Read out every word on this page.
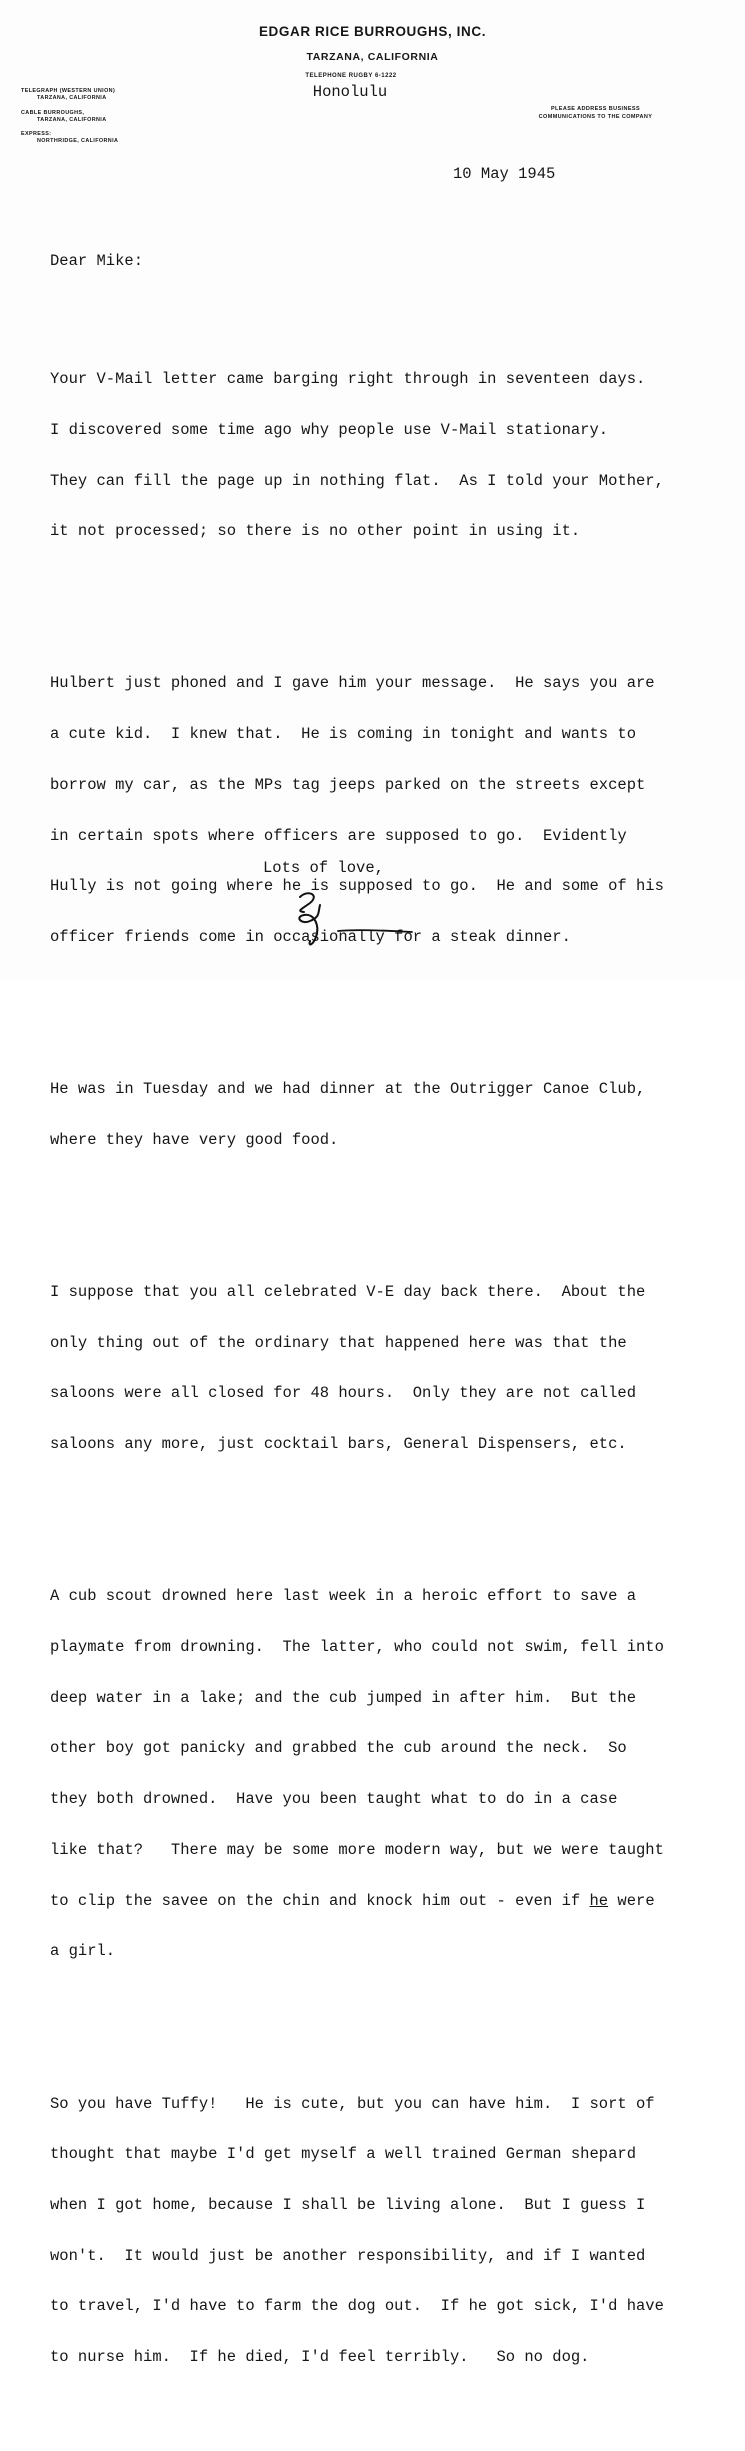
EDGAR RICE BURROUGHS, INC.
TARZANA, CALIFORNIA
TELEPHONE RUGBY 6-1222
Honolulu
TELEGRAPH (WESTERN UNION)
TARZANA, CALIFORNIA
CABLE BURROUGHS,
TARZANA, CALIFORNIA
EXPRESS:
NORTHRIDGE, CALIFORNIA
PLEASE ADDRESS BUSINESS
COMMUNICATIONS TO THE COMPANY
10 May 1945

Dear Mike:

Your V-Mail letter came barging right through in seventeen days.

I discovered some time ago why people use V-Mail stationary.

They can fill the page up in nothing flat.  As I told your Mother,

it not processed; so there is no other point in using it.

Hulbert just phoned and I gave him your message.  He says you are

a cute kid.  I knew that.  He is coming in tonight and wants to

borrow my car, as the MPs tag jeeps parked on the streets except

in certain spots where officers are supposed to go.  Evidently

Hully is not going where he is supposed to go.  He and some of his

officer friends come in occasionally for a steak dinner.

He was in Tuesday and we had dinner at the Outrigger Canoe Club,

where they have very good food.

I suppose that you all celebrated V-E day back there.  About the

only thing out of the ordinary that happened here was that the

saloons were all closed for 48 hours.  Only they are not called

saloons any more, just cocktail bars, General Dispensers, etc.

A cub scout drowned here last week in a heroic effort to save a

playmate from drowning.  The latter, who could not swim, fell into

deep water in a lake; and the cub jumped in after him.  But the

other boy got panicky and grabbed the cub around the neck.  So

they both drowned.  Have you been taught what to do in a case

like that?   There may be some more modern way, but we were taught

to clip the savee on the chin and knock him out - even if he were

a girl.

So you have Tuffy!   He is cute, but you can have him.  I sort of

thought that maybe I'd get myself a well trained German shepard

when I got home, because I shall be living alone.  But I guess I

won't.  It would just be another responsibility, and if I wanted

to travel, I'd have to farm the dog out.  If he got sick, I'd have

to nurse him.  If he died, I'd feel terribly.   So no dog.

Lots of love,
